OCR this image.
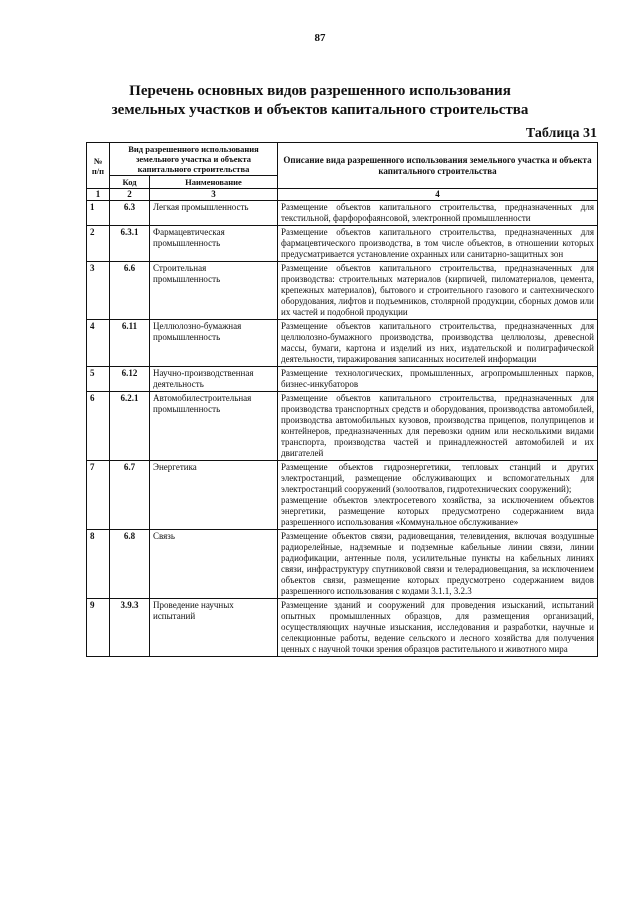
87
Перечень основных видов разрешенного использования
земельных участков и объектов капитального строительства
Таблица 31
№ п/п	Вид разрешенного использования земельного участка и объекта капитального строительства		Описание вида разрешенного использования земельного участка и объекта капитального строительства
	Код	Наименование	
1	2	3	4
1	6.3	Легкая промышленность	Размещение объектов капитального строительства, предназначенных для текстильной, фарфорофаянсовой, электронной промышленности

2	6.3.1	Фармацевтическая промышленность	Размещение объектов капитального строительства, предназначенных для фармацевтического производства, в том числе объектов, в отношении которых предусматривается установление охранных или санитарно-защитных зон

3	6.6	Строительная промышленность	Размещение объектов капитального строительства, предназначенных для производства: строительных материалов (кирпичей, пиломатериалов, цемента, крепежных материалов), бытового и строительного газового и сантехнического оборудования, лифтов и подъемников, столярной продукции, сборных домов или их частей и подобной продукции

4	6.11	Целлюлозно-бумажная промышленность	Размещение объектов капитального строительства, предназначенных для целлюлозно-бумажного производства, производства целлюлозы, древесной массы, бумаги, картона и изделий из них, издательской и полиграфической деятельности, тиражирования записанных носителей информации

5	6.12	Научно-производственная деятельность	Размещение технологических, промышленных, агропромышленных парков, бизнес-инкубаторов

6	6.2.1	Автомобилестроительная промышленность	Размещение объектов капитального строительства, предназначенных для производства транспортных средств и оборудования, производства автомобилей, производства автомобильных кузовов, производства прицепов, полуприцепов и контейнеров, предназначенных для перевозки одним или несколькими видами транспорта, производства частей и принадлежностей автомобилей и их двигателей

7	6.7	Энергетика	Размещение объектов гидроэнергетики, тепловых станций и других электростанций, размещение обслуживающих и вспомогательных для электростанций сооружений (золоотвалов, гидротехнических сооружений);
размещение объектов электросетевого хозяйства, за исключением объектов энергетики, размещение которых предусмотрено содержанием вида разрешенного использования «Коммунальное обслуживание»

8	6.8	Связь	Размещение объектов связи, радиовещания, телевидения, включая воздушные радиорелейные, надземные и подземные кабельные линии связи, линии радиофикации, антенные поля, усилительные пункты на кабельных линиях связи, инфраструктуру спутниковой связи и телерадиовещания, за исключением объектов связи, размещение которых предусмотрено содержанием видов разрешенного использования с кодами 3.1.1, 3.2.3

9	3.9.3	Проведение научных испытаний	Размещение зданий и сооружений для проведения изысканий, испытаний опытных промышленных образцов, для размещения организаций, осуществляющих научные изыскания, исследования и разработки, научные и селекционные работы, ведение сельского и лесного хозяйства для получения ценных с научной точки зрения образцов растительного и животного мира
